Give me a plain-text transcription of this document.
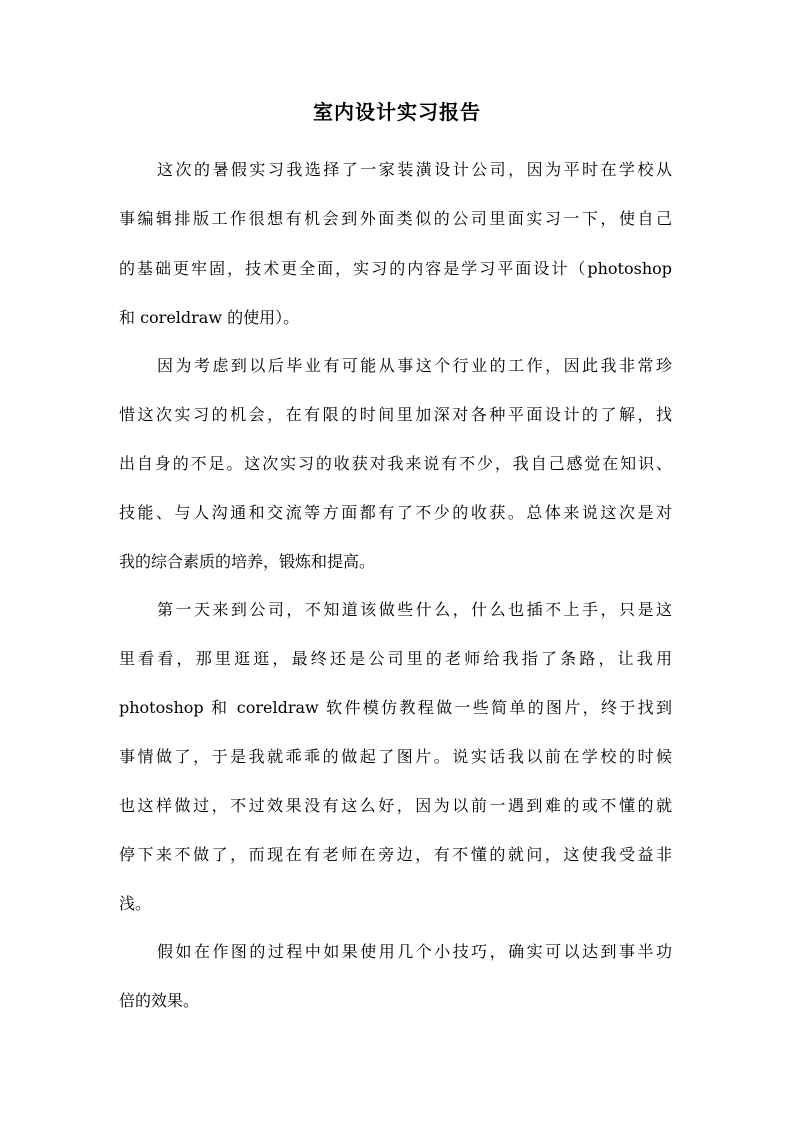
室内设计实习报告
这次的暑假实习我选择了一家装潢设计公司，因为平时在学校从
事编辑排版工作很想有机会到外面类似的公司里面实习一下，使自己
的基础更牢固，技术更全面，实习的内容是学习平面设计（photoshop
和 coreldraw 的使用）。
因为考虑到以后毕业有可能从事这个行业的工作，因此我非常珍
惜这次实习的机会，在有限的时间里加深对各种平面设计的了解，找
出自身的不足。这次实习的收获对我来说有不少，我自己感觉在知识、
技能、与人沟通和交流等方面都有了不少的收获。总体来说这次是对
我的综合素质的培养，锻炼和提高。
第一天来到公司，不知道该做些什么，什么也插不上手，只是这
里看看，那里逛逛，最终还是公司里的老师给我指了条路，让我用
photoshop 和 coreldraw 软件模仿教程做一些简单的图片，终于找到
事情做了，于是我就乖乖的做起了图片。说实话我以前在学校的时候
也这样做过，不过效果没有这么好，因为以前一遇到难的或不懂的就
停下来不做了，而现在有老师在旁边，有不懂的就问，这使我受益非
浅。
假如在作图的过程中如果使用几个小技巧，确实可以达到事半功
倍的效果。
